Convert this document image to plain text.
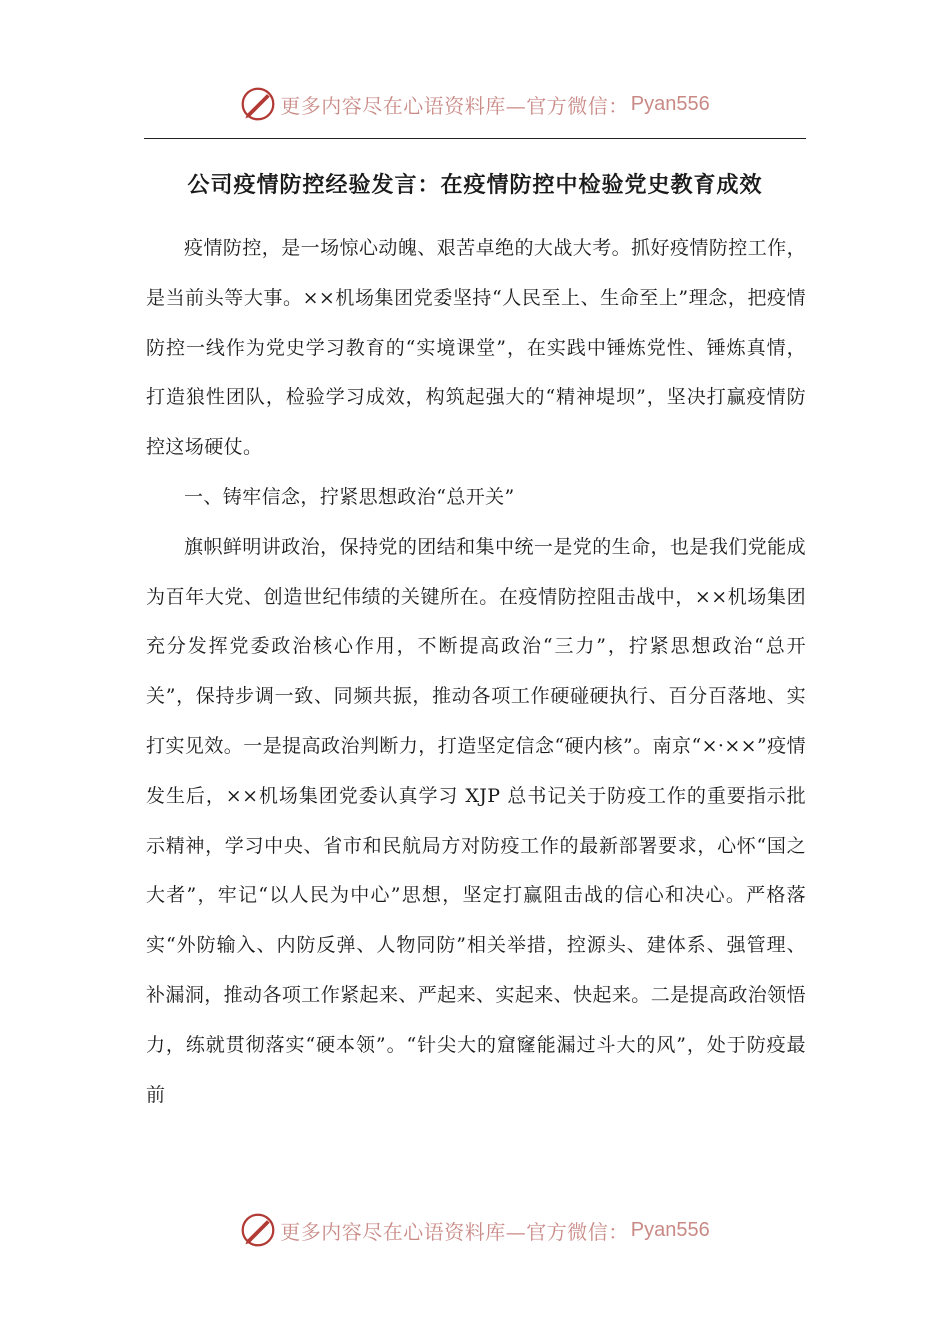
更多内容尽在心语资料库—官方微信： Pyan556
公司疫情防控经验发言：在疫情防控中检验党史教育成效

疫情防控，是一场惊心动魄、艰苦卓绝的大战大考。抓好疫情防控工作，是当前头等大事。××机场集团党委坚持“人民至上、生命至上”理念，把疫情防控一线作为党史学习教育的“实境课堂”，在实践中锤炼党性、锤炼真情，打造狼性团队，检验学习成效，构筑起强大的“精神堤坝”，坚决打赢疫情防控这场硬仗。

一、铸牢信念，拧紧思想政治“总开关”

旗帜鲜明讲政治，保持党的团结和集中统一是党的生命，也是我们党能成为百年大党、创造世纪伟绩的关键所在。在疫情防控阻击战中，××机场集团充分发挥党委政治核心作用，不断提高政治“三力”，拧紧思想政治“总开关”，保持步调一致、同频共振，推动各项工作硬碰硬执行、百分百落地、实打实见效。一是提高政治判断力，打造坚定信念“硬内核”。南京“×·××”疫情发生后，××机场集团党委认真学习 XJP 总书记关于防疫工作的重要指示批示精神，学习中央、省市和民航局方对防疫工作的最新部署要求，心怀“国之大者”，牢记“以人民为中心”思想，坚定打赢阻击战的信心和决心。严格落实“外防输入、内防反弹、人物同防”相关举措，控源头、建体系、强管理、补漏洞，推动各项工作紧起来、严起来、实起来、快起来。二是提高政治领悟力，练就贯彻落实“硬本领”。“针尖大的窟窿能漏过斗大的风”，处于防疫最前

更多内容尽在心语资料库—官方微信： Pyan556
